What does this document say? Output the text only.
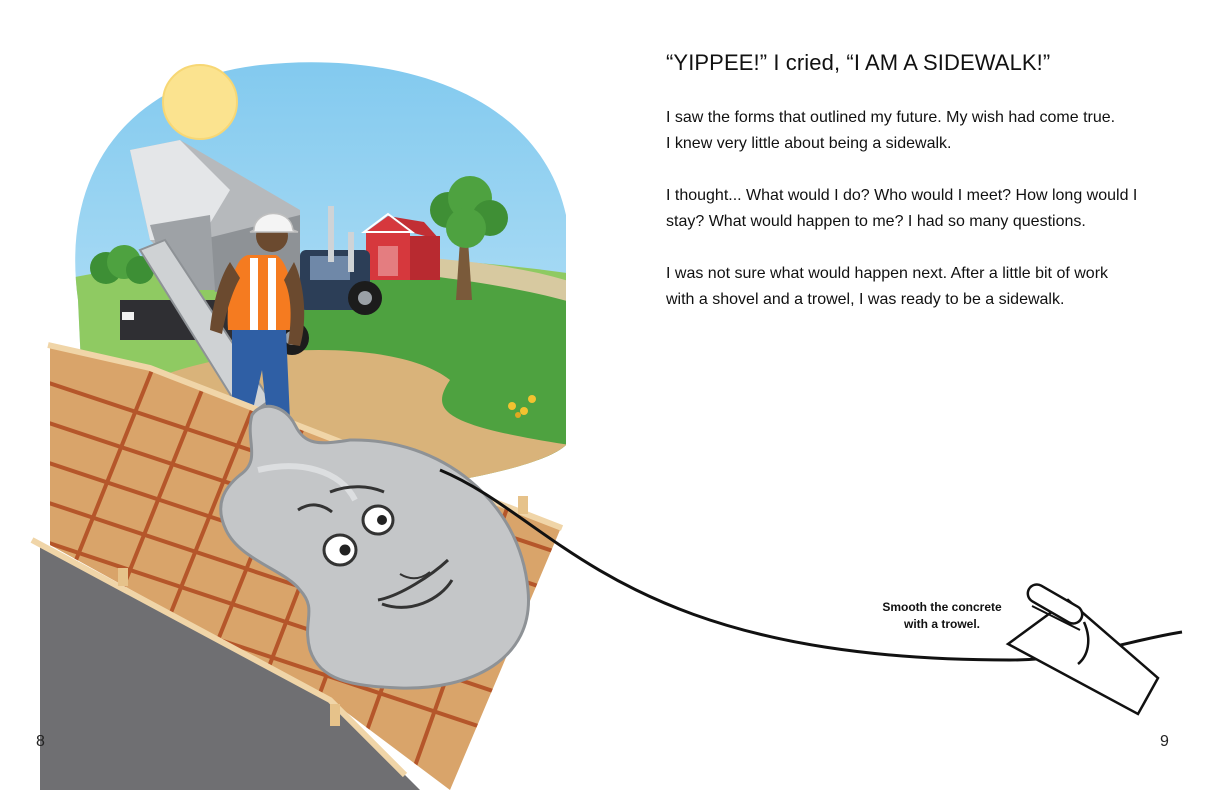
“YIPPEE!” I cried, “I AM A SIDEWALK!”

I saw the forms that outlined my future. My wish had come true.
I knew very little about being a sidewalk.

I thought... What would I do? Who would I meet? How long would I
stay? What would happen to me? I had so many questions.

I was not sure what would happen next. After a little bit of work
with a shovel and a trowel, I was ready to be a sidewalk.

Smooth the concrete
with a trowel.

8	9
